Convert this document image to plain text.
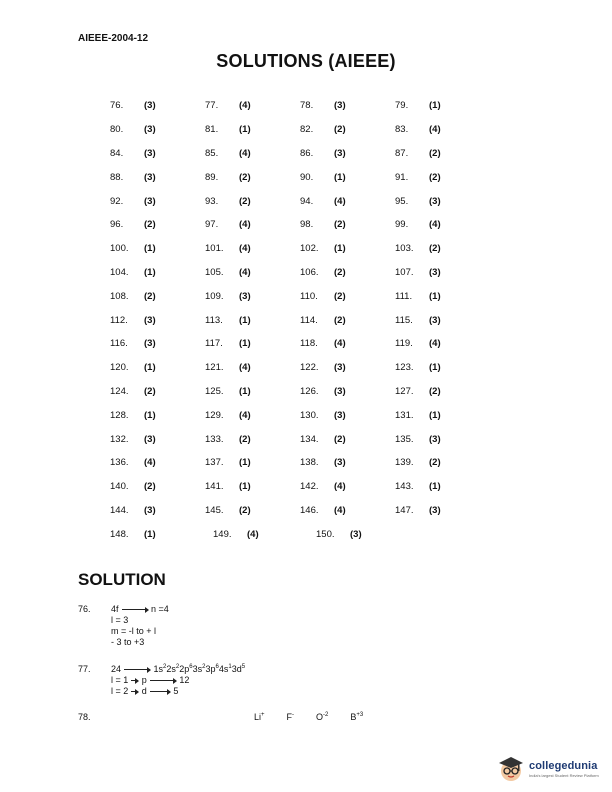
AIEEE-2004-12
SOLUTIONS (AIEEE)
76.	(3)	77.	(4)	78.	(3)	79.	(1)
80.	(3)	81.	(1)	82.	(2)	83.	(4)
84.	(3)	85.	(4)	86.	(3)	87.	(2)
88.	(3)	89.	(2)	90.	(1)	91.	(2)
92.	(3)	93.	(2)	94.	(4)	95.	(3)
96.	(2)	97.	(4)	98.	(2)	99.	(4)
100.	(1)	101.	(4)	102.	(1)	103.	(2)
104.	(1)	105.	(4)	106.	(2)	107.	(3)
108.	(2)	109.	(3)	110.	(2)	111.	(1)
112.	(3)	113.	(1)	114.	(2)	115.	(3)
116.	(3)	117.	(1)	118.	(4)	119.	(4)
120.	(1)	121.	(4)	122.	(3)	123.	(1)
124.	(2)	125.	(1)	126.	(3)	127.	(2)
128.	(1)	129.	(4)	130.	(3)	131.	(1)
132.	(3)	133.	(2)	134.	(2)	135.	(3)
136.	(4)	137.	(1)	138.	(3)	139.	(2)
140.	(2)	141.	(1)	142.	(4)	143.	(1)
144.	(3)	145.	(2)	146.	(4)	147.	(3)
148.	(1)	149.	(4)	150.	(3)
SOLUTION
76. 4f	n =4
l = 3
m = -l to + l
- 3 to +3
77. 24	$1s^22s^22p^63s^23p^64s^13d^5$
l = 1 p	12
l = 2 d	5
78.	Li+ F- $O^{-2}$ $B^{+3}$
collegedunia
India's largest Student Review Platform
